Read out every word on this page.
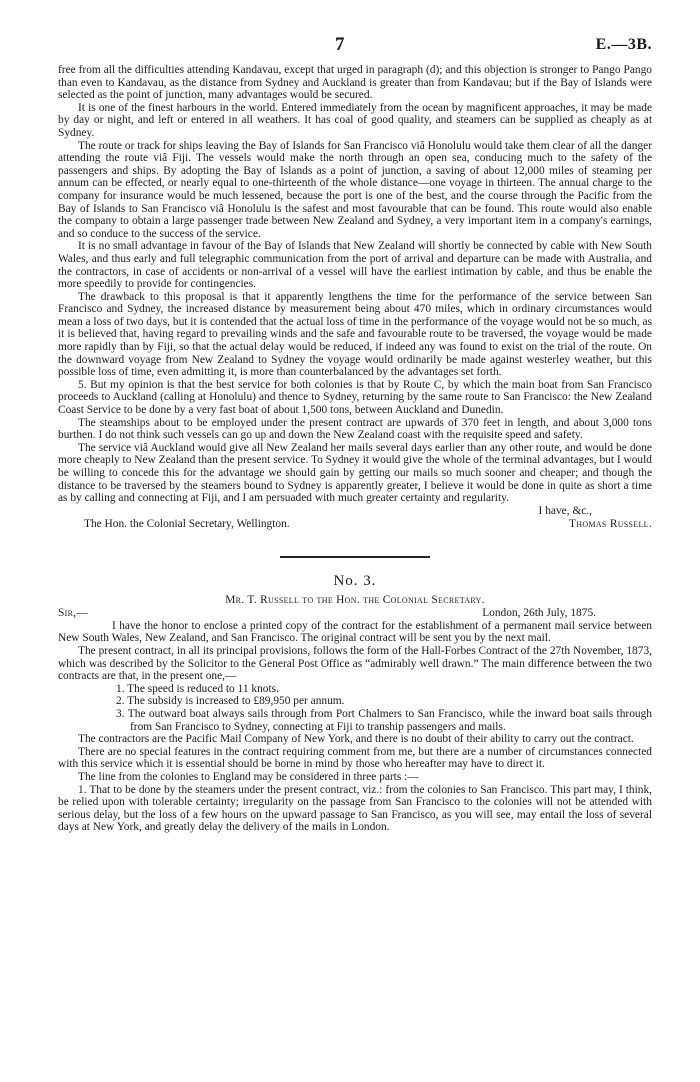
7	E.—3B.

free from all the difficulties attending Kandavau, except that urged in paragraph (d); and this objection is stronger to Pango Pango than even to Kandavau, as the distance from Sydney and Auckland is greater than from Kandavau; but if the Bay of Islands were selected as the point of junction, many advantages would be secured.

It is one of the finest harbours in the world. Entered immediately from the ocean by magnificent approaches, it may be made by day or night, and left or entered in all weathers. It has coal of good quality, and steamers can be supplied as cheaply as at Sydney.

The route or track for ships leaving the Bay of Islands for San Francisco viâ Honolulu would take them clear of all the danger attending the route viâ Fiji. The vessels would make the north through an open sea, conducing much to the safety of the passengers and ships. By adopting the Bay of Islands as a point of junction, a saving of about 12,000 miles of steaming per annum can be effected, or nearly equal to one-thirteenth of the whole distance—one voyage in thirteen. The annual charge to the company for insurance would be much lessened, because the port is one of the best, and the course through the Pacific from the Bay of Islands to San Francisco viâ Honolulu is the safest and most favourable that can be found. This route would also enable the company to obtain a large passenger trade between New Zealand and Sydney, a very important item in a company's earnings, and so conduce to the success of the service.

It is no small advantage in favour of the Bay of Islands that New Zealand will shortly be connected by cable with New South Wales, and thus early and full telegraphic communication from the port of arrival and departure can be made with Australia, and the contractors, in case of accidents or non-arrival of a vessel will have the earliest intimation by cable, and thus be enable the more speedily to provide for contingencies.

The drawback to this proposal is that it apparently lengthens the time for the performance of the service between San Francisco and Sydney, the increased distance by measurement being about 470 miles, which in ordinary circumstances would mean a loss of two days, but it is contended that the actual loss of time in the performance of the voyage would not be so much, as it is believed that, having regard to prevailing winds and the safe and favourable route to be traversed, the voyage would be made more rapidly than by Fiji, so that the actual delay would be reduced, if indeed any was found to exist on the trial of the route. On the downward voyage from New Zealand to Sydney the voyage would ordinarily be made against westerley weather, but this possible loss of time, even admitting it, is more than counterbalanced by the advantages set forth.

5. But my opinion is that the best service for both colonies is that by Route C, by which the main boat from San Francisco proceeds to Auckland (calling at Honolulu) and thence to Sydney, returning by the same route to San Francisco: the New Zealand Coast Service to be done by a very fast boat of about 1,500 tons, between Auckland and Dunedin.

The steamships about to be employed under the present contract are upwards of 370 feet in length, and about 3,000 tons burthen. I do not think such vessels can go up and down the New Zealand coast with the requisite speed and safety.

The service viâ Auckland would give all New Zealand her mails several days earlier than any other route, and would be done more cheaply to New Zealand than the present service. To Sydney it would give the whole of the terminal advantages, but I would be willing to concede this for the advantage we should gain by getting our mails so much sooner and cheaper; and though the distance to be traversed by the steamers bound to Sydney is apparently greater, I believe it would be done in quite as short a time as by calling and connecting at Fiji, and I am persuaded with much greater certainty and regularity.

I have, &c.,
The Hon. the Colonial Secretary, Wellington.	Thomas Russell.
No. 3.
Mr. T. Russell to the Hon. the Colonial Secretary.
Sir,—	London, 26th July, 1875.

I have the honor to enclose a printed copy of the contract for the establishment of a permanent mail service between New South Wales, New Zealand, and San Francisco. The original contract will be sent you by the next mail.

The present contract, in all its principal provisions, follows the form of the Hall-Forbes Contract of the 27th November, 1873, which was described by the Solicitor to the General Post Office as “admirably well drawn.” The main difference between the two contracts are that, in the present one,—

1. The speed is reduced to 11 knots.
2. The subsidy is increased to £89,950 per annum.
3. The outward boat always sails through from Port Chalmers to San Francisco, while the inward boat sails through from San Francisco to Sydney, connecting at Fiji to tranship passengers and mails.

The contractors are the Pacific Mail Company of New York, and there is no doubt of their ability to carry out the contract.

There are no special features in the contract requiring comment from me, but there are a number of circumstances connected with this service which it is essential should be borne in mind by those who hereafter may have to direct it.

The line from the colonies to England may be considered in three parts :—

1. That to be done by the steamers under the present contract, viz.: from the colonies to San Francisco. This part may, I think, be relied upon with tolerable certainty; irregularity on the passage from San Francisco to the colonies will not be attended with serious delay, but the loss of a few hours on the upward passage to San Francisco, as you will see, may entail the loss of several days at New York, and greatly delay the delivery of the mails in London.
